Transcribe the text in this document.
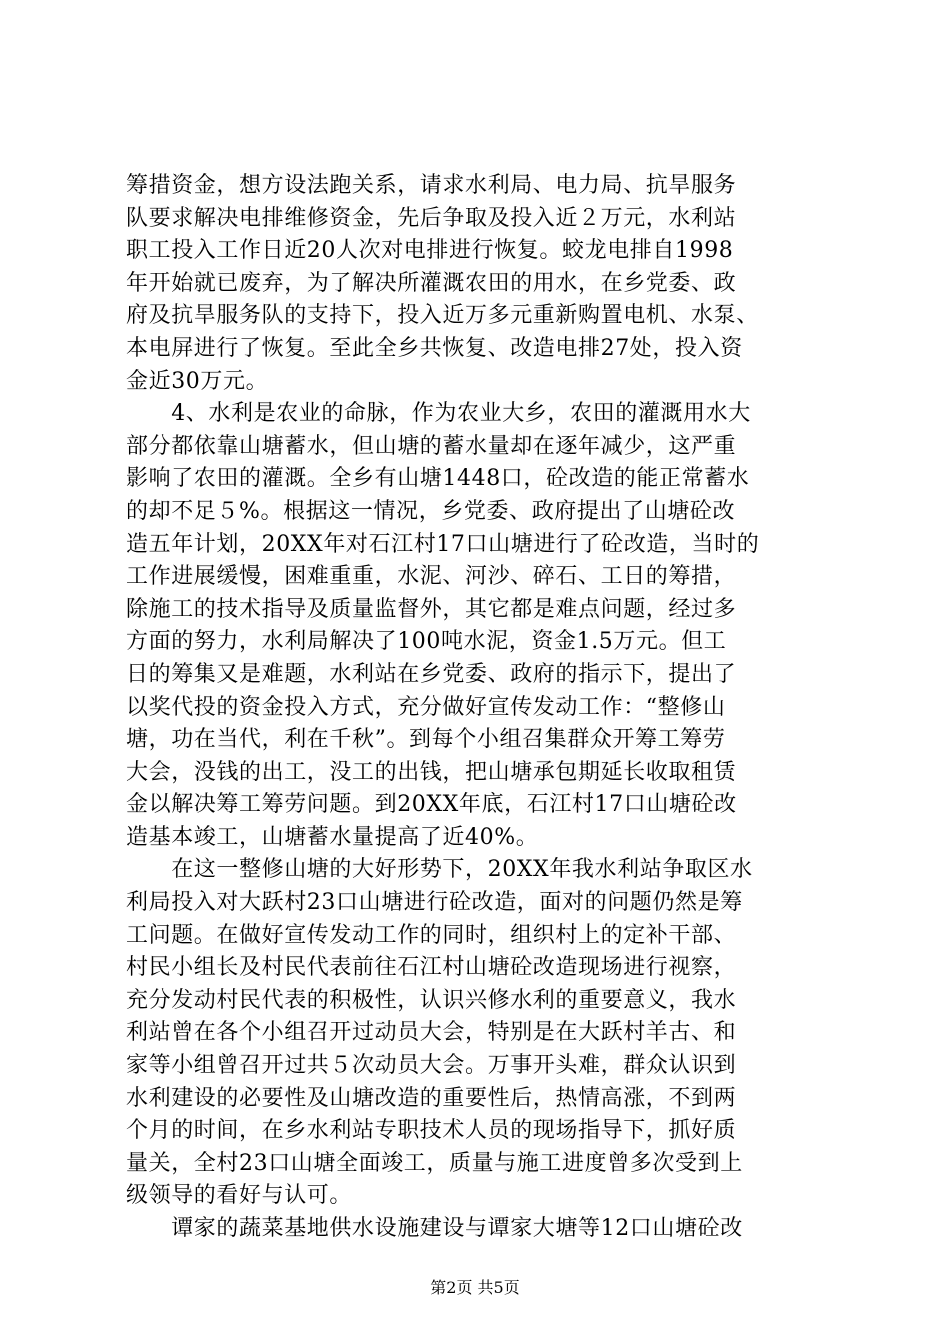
筹措资金，想方设法跑关系，请求水利局、电力局、抗旱服务
队要求解决电排维修资金，先后争取及投入近２万元，水利站
职工投入工作日近20人次对电排进行恢复。蛟龙电排自1998
年开始就已废弃，为了解决所灌溉农田的用水，在乡党委、政
府及抗旱服务队的支持下，投入近万多元重新购置电机、水泵、
本电屏进行了恢复。至此全乡共恢复、改造电排27处，投入资
金近30万元。
　　4、水利是农业的命脉，作为农业大乡，农田的灌溉用水大
部分都依靠山塘蓄水，但山塘的蓄水量却在逐年减少，这严重
影响了农田的灌溉。全乡有山塘1448口，砼改造的能正常蓄水
的却不足５%。根据这一情况，乡党委、政府提出了山塘砼改
造五年计划，20XX年对石江村17口山塘进行了砼改造，当时的
工作进展缓慢，困难重重，水泥、河沙、碎石、工日的筹措，
除施工的技术指导及质量监督外，其它都是难点问题，经过多
方面的努力，水利局解决了100吨水泥，资金1.5万元。但工
日的筹集又是难题，水利站在乡党委、政府的指示下，提出了
以奖代投的资金投入方式，充分做好宣传发动工作：“整修山
塘，功在当代，利在千秋”。到每个小组召集群众开筹工筹劳
大会，没钱的出工，没工的出钱，把山塘承包期延长收取租赁
金以解决筹工筹劳问题。到20XX年底，石江村17口山塘砼改
造基本竣工，山塘蓄水量提高了近40%。
　　在这一整修山塘的大好形势下，20XX年我水利站争取区水
利局投入对大跃村23口山塘进行砼改造，面对的问题仍然是筹
工问题。在做好宣传发动工作的同时，组织村上的定补干部、
村民小组长及村民代表前往石江村山塘砼改造现场进行视察，
充分发动村民代表的积极性，认识兴修水利的重要意义，我水
利站曾在各个小组召开过动员大会，特别是在大跃村羊古、和
家等小组曾召开过共５次动员大会。万事开头难，群众认识到
水利建设的必要性及山塘改造的重要性后，热情高涨，不到两
个月的时间，在乡水利站专职技术人员的现场指导下，抓好质
量关，全村23口山塘全面竣工，质量与施工进度曾多次受到上
级领导的看好与认可。
　　谭家的蔬菜基地供水设施建设与谭家大塘等12口山塘砼改
第2页 共5页
